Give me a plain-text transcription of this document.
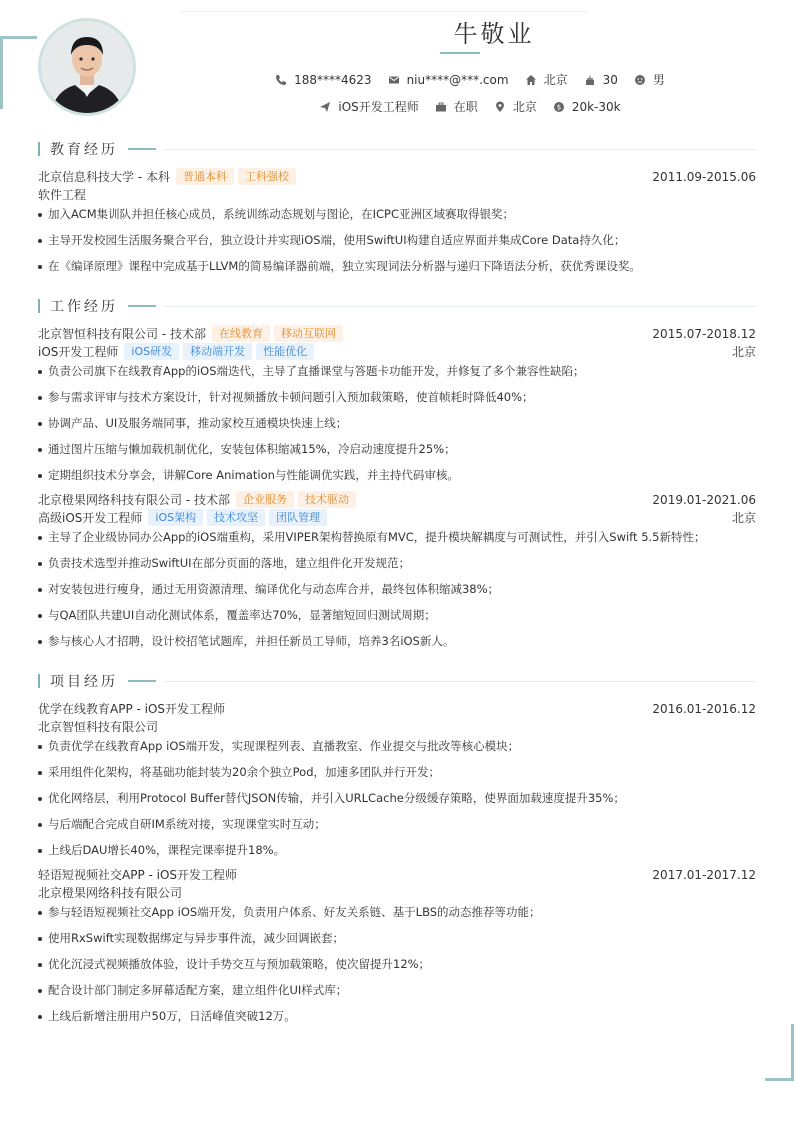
牛敬业
188****4623	niu****@***.com	北京	30	男
iOS开发工程师	在职	北京	$ 20k-30k
教育经历
北京信息科技大学 - 本科	普通本科	工科强校	2011.09-2015.06
软件工程
加入ACM集训队并担任核心成员，系统训练动态规划与图论，在ICPC亚洲区域赛取得银奖；
主导开发校园生活服务聚合平台，独立设计并实现iOS端，使用SwiftUI构建自适应界面并集成Core Data持久化；
在《编译原理》课程中完成基于LLVM的简易编译器前端，独立实现词法分析器与递归下降语法分析，获优秀课设奖。
工作经历
北京智恒科技有限公司 - 技术部	在线教育	移动互联网	2015.07-2018.12
iOS开发工程师	iOS研发	移动端开发	性能优化	北京
负责公司旗下在线教育App的iOS端迭代，主导了直播课堂与答题卡功能开发，并修复了多个兼容性缺陷；
参与需求评审与技术方案设计，针对视频播放卡顿问题引入预加载策略，使首帧耗时降低40%；
协调产品、UI及服务端同事，推动家校互通模块快速上线；
通过图片压缩与懒加载机制优化，安装包体积缩减15%，冷启动速度提升25%；
定期组织技术分享会，讲解Core Animation与性能调优实践，并主持代码审核。
北京橙果网络科技有限公司 - 技术部	企业服务	技术驱动	2019.01-2021.06
高级iOS开发工程师	iOS架构	技术攻坚	团队管理	北京
主导了企业级协同办公App的iOS端重构，采用VIPER架构替换原有MVC，提升模块解耦度与可测试性，并引入Swift 5.5新特性；
负责技术选型并推动SwiftUI在部分页面的落地，建立组件化开发规范；
对安装包进行瘦身，通过无用资源清理、编译优化与动态库合并，最终包体积缩减38%；
与QA团队共建UI自动化测试体系，覆盖率达70%，显著缩短回归测试周期；
参与核心人才招聘，设计校招笔试题库，并担任新员工导师，培养3名iOS新人。
项目经历
优学在线教育APP - iOS开发工程师	2016.01-2016.12
北京智恒科技有限公司
负责优学在线教育App iOS端开发，实现课程列表、直播教室、作业提交与批改等核心模块；
采用组件化架构，将基础功能封装为20余个独立Pod，加速多团队并行开发；
优化网络层，利用Protocol Buffer替代JSON传输，并引入URLCache分级缓存策略，使界面加载速度提升35%；
与后端配合完成自研IM系统对接，实现课堂实时互动；
上线后DAU增长40%，课程完课率提升18%。
轻语短视频社交APP - iOS开发工程师	2017.01-2017.12
北京橙果网络科技有限公司
参与轻语短视频社交App iOS端开发，负责用户体系、好友关系链、基于LBS的动态推荐等功能；
使用RxSwift实现数据绑定与异步事件流，减少回调嵌套；
优化沉浸式视频播放体验，设计手势交互与预加载策略，使次留提升12%；
配合设计部门制定多屏幕适配方案，建立组件化UI样式库；
上线后新增注册用户50万，日活峰值突破12万。
